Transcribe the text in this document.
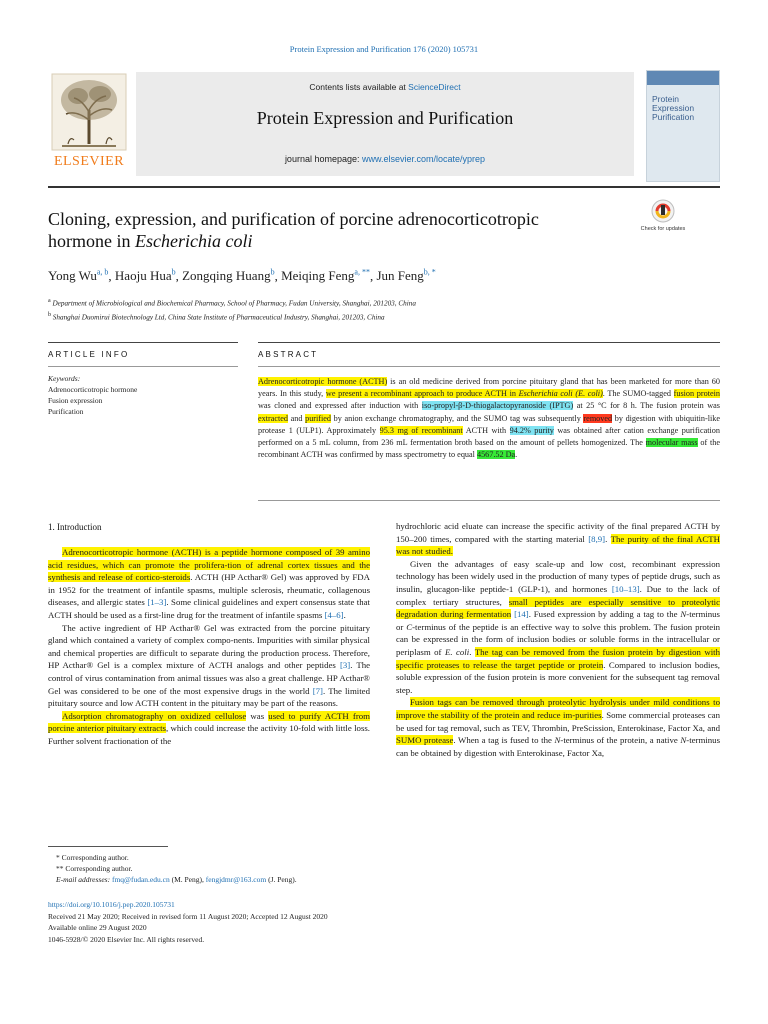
Protein Expression and Purification 176 (2020) 105731
ELSEVIER
Contents lists available at ScienceDirect
Protein Expression and Purification
journal homepage: www.elsevier.com/locate/yprep
Protein
Expression
Purification
Cloning, expression, and purification of porcine adrenocorticotropic
hormone in Escherichia coli
Check for updates
Yong Wu$^{a, b}$, Haoju Hua$^b$, Zongqing Huang$^b$, Meiqing Feng$^{a, **}$, Jun Feng$^{b, *}$
$^a$ Department of Microbiological and Biochemical Pharmacy, School of Pharmacy, Fudan University, Shanghai, 201203, China
$^b$ Shanghai Duomirui Biotechnology Ltd, China State Institute of Pharmaceutical Industry, Shanghai, 201203, China
ARTICLE INFO	ABSTRACT
Keywords:
Adrenocorticotropic hormone
Fusion expression
Purification
Adrenocorticotropic hormone (ACTH) is an old medicine derived from porcine pituitary gland that has been marketed for more than 60 years. In this study, we present a recombinant approach to produce ACTH in Escherichia coli (E. coli). The SUMO-tagged fusion protein was cloned and expressed after induction with iso-propyl-β-D-thiogalactopyranoside (IPTG) at 25 °C for 8 h. The fusion protein was extracted and purified by anion exchange chromatography, and the SUMO tag was subsequently removed by digestion with ubiquitin-like protease 1 (ULP1). Approximately 95.3 mg of recombinant ACTH with 94.2% purity was obtained after cation exchange purification performed on a 5 mL column, from 236 mL fermentation broth based on the amount of pellets homogenized. The molecular mass of the recombinant ACTH was confirmed by mass spectrometry to equal 4567.52 Da.
1. Introduction

Adrenocorticotropic hormone (ACTH) is a peptide hormone composed of 39 amino acid residues, which can promote the prolifera-tion of adrenal cortex tissues and the synthesis and release of cortico-steroids. ACTH (HP Acthar® Gel) was approved by FDA in 1952 for the treatment of infantile spasms, multiple sclerosis, rheumatic, collagenous diseases, and allergic states [1–3]. Some clinical guidelines and expert consensus state that ACTH should be used as a first-line drug for the treatment of infantile spasms [4–6].

The active ingredient of HP Acthar® Gel was extracted from the porcine pituitary gland which contained a variety of complex compo-nents. Impurities with similar physical and chemical properties are difficult to separate during the production process. Therefore, HP Acthar® Gel is a complex mixture of ACTH analogs and other peptides [3]. The control of virus contamination from animal tissues was also a great challenge. HP Acthar® Gel was considered to be one of the most expensive drugs in the world [7]. The limited pituitary source and low ACTH content in the pituitary may be part of the reasons.

Adsorption chromatography on oxidized cellulose was used to purify ACTH from porcine anterior pituitary extracts, which could increase the activity 10-fold with little loss. Further solvent fractionation of the

hydrochloric acid eluate can increase the specific activity of the final prepared ACTH by 150–200 times, compared with the starting material [8,9]. The purity of the final ACTH was not studied.

Given the advantages of easy scale-up and low cost, recombinant expression technology has been widely used in the production of many types of peptide drugs, such as insulin, glucagon-like peptide-1 (GLP-1), and hormones [10–13]. Due to the lack of complex tertiary structures, small peptides are especially sensitive to proteolytic degradation during fermentation [14]. Fused expression by adding a tag to the N-terminus or C-terminus of the peptide is an effective way to solve this problem. The fusion protein can be expressed in the form of inclusion bodies or soluble forms in the intracellular or periplasm of E. coli. The tag can be removed from the fusion protein by digestion with specific proteases to release the target peptide or protein. Compared to inclusion bodies, soluble expression of the fusion protein is more convenient for the subsequent tag removal step.

Fusion tags can be removed through proteolytic hydrolysis under mild conditions to improve the stability of the protein and reduce im-purities. Some commercial proteases can be used for tag removal, such as TEV, Thrombin, PreScission, Enterokinase, Factor Xa, and SUMO protease. When a tag is fused to the N-terminus of the protein, a native N-terminus can be obtained by digestion with Enterokinase, Factor Xa,

* Corresponding author.
** Corresponding author.
E-mail addresses: fmq@fudan.edu.cn (M. Peng), fengjdmr@163.com (J. Peng).
https://doi.org/10.1016/j.pep.2020.105731
Received 21 May 2020; Received in revised form 11 August 2020; Accepted 12 August 2020
Available online 29 August 2020
1046-5928/© 2020 Elsevier Inc. All rights reserved.
